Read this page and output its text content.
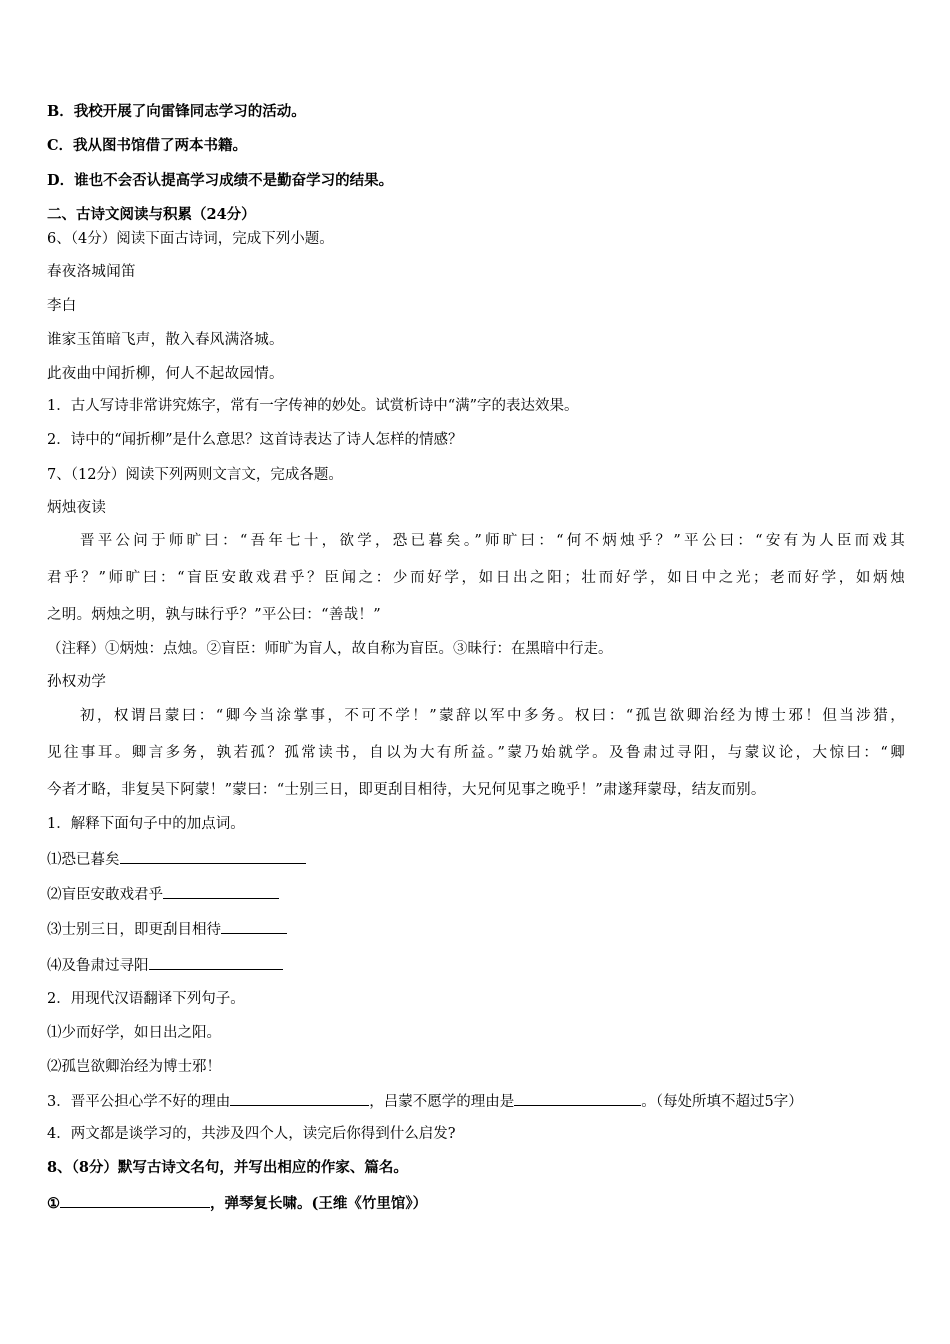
B．我校开展了向雷锋同志学习的活动。
C．我从图书馆借了两本书籍。
D．谁也不会否认提高学习成绩不是勤奋学习的结果。
二、古诗文阅读与积累（24分）
6、（4分）阅读下面古诗词，完成下列小题。
春夜洛城闻笛
李白
谁家玉笛暗飞声，散入春风满洛城。
此夜曲中闻折柳，何人不起故园情。
1．古人写诗非常讲究炼字，常有一字传神的妙处。试赏析诗中“满”字的表达效果。
2．诗中的“闻折柳”是什么意思？这首诗表达了诗人怎样的情感？
7、（12分）阅读下列两则文言文，完成各题。
炳烛夜读
晋平公问于师旷曰：“吾年七十，欲学，恐已暮矣。”师旷曰：“何不炳烛乎？”平公曰：“安有为人臣而戏其
君乎？”师旷曰：“盲臣安敢戏君乎？臣闻之：少而好学，如日出之阳；壮而好学，如日中之光；老而好学，如炳烛
之明。炳烛之明，孰与昧行乎？”平公曰：“善哉！”
（注释）①炳烛：点烛。②盲臣：师旷为盲人，故自称为盲臣。③昧行：在黑暗中行走。
孙权劝学
初，权谓吕蒙曰：“卿今当涂掌事，不可不学！”蒙辞以军中多务。权曰：“孤岂欲卿治经为博士邪！但当涉猎，
见往事耳。卿言多务，孰若孤？孤常读书，自以为大有所益。”蒙乃始就学。及鲁肃过寻阳，与蒙议论，大惊曰：“卿
今者才略，非复吴下阿蒙！”蒙曰：“士别三日，即更刮目相待，大兄何见事之晚乎！”肃遂拜蒙母，结友而别。
1．解释下面句子中的加点词。
⑴恐已暮矣
⑵盲臣安敢戏君乎
⑶士别三日，即更刮目相待
⑷及鲁肃过寻阳
2．用现代汉语翻译下列句子。
⑴少而好学，如日出之阳。
⑵孤岂欲卿治经为博士邪！
3．晋平公担心学不好的理由	，吕蒙不愿学的理由是	。（每处所填不超过5字）
4．两文都是谈学习的，共涉及四个人，读完后你得到什么启发?
8、（8分）默写古诗文名句，并写出相应的作家、篇名。
①	，弹琴复长啸。(王维《竹里馆》）
